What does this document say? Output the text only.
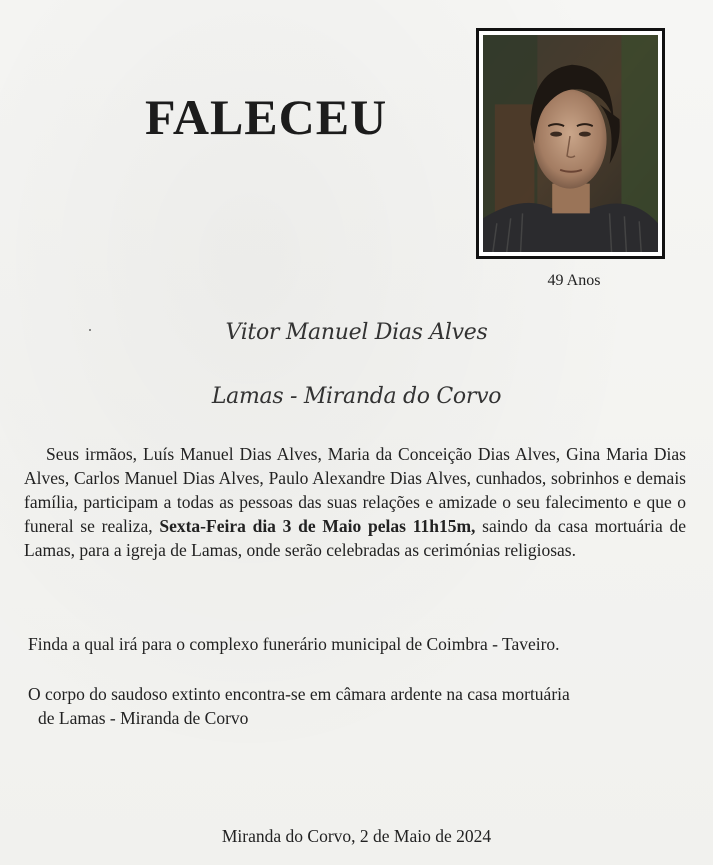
FALECEU
49 Anos
Vitor Manuel Dias Alves
Lamas - Miranda do Corvo

Seus irmãos, Luís Manuel Dias Alves, Maria da Conceição Dias Alves, Gina Maria Dias Alves, Carlos Manuel Dias Alves, Paulo Alexandre Dias Alves, cunhados, sobrinhos e demais família, participam a todas as pessoas das suas relações e amizade o seu falecimento e que o funeral se realiza, Sexta-Feira dia 3 de Maio pelas 11h15m, saindo da casa mortuária de Lamas, para a igreja de Lamas, onde serão celebradas as cerimónias religiosas.

Finda a qual irá para o complexo funerário municipal de Coimbra - Taveiro.

O corpo do saudoso extinto encontra-se em câmara ardente na casa mortuária
de Lamas - Miranda de Corvo
Miranda do Corvo, 2 de Maio de 2024
